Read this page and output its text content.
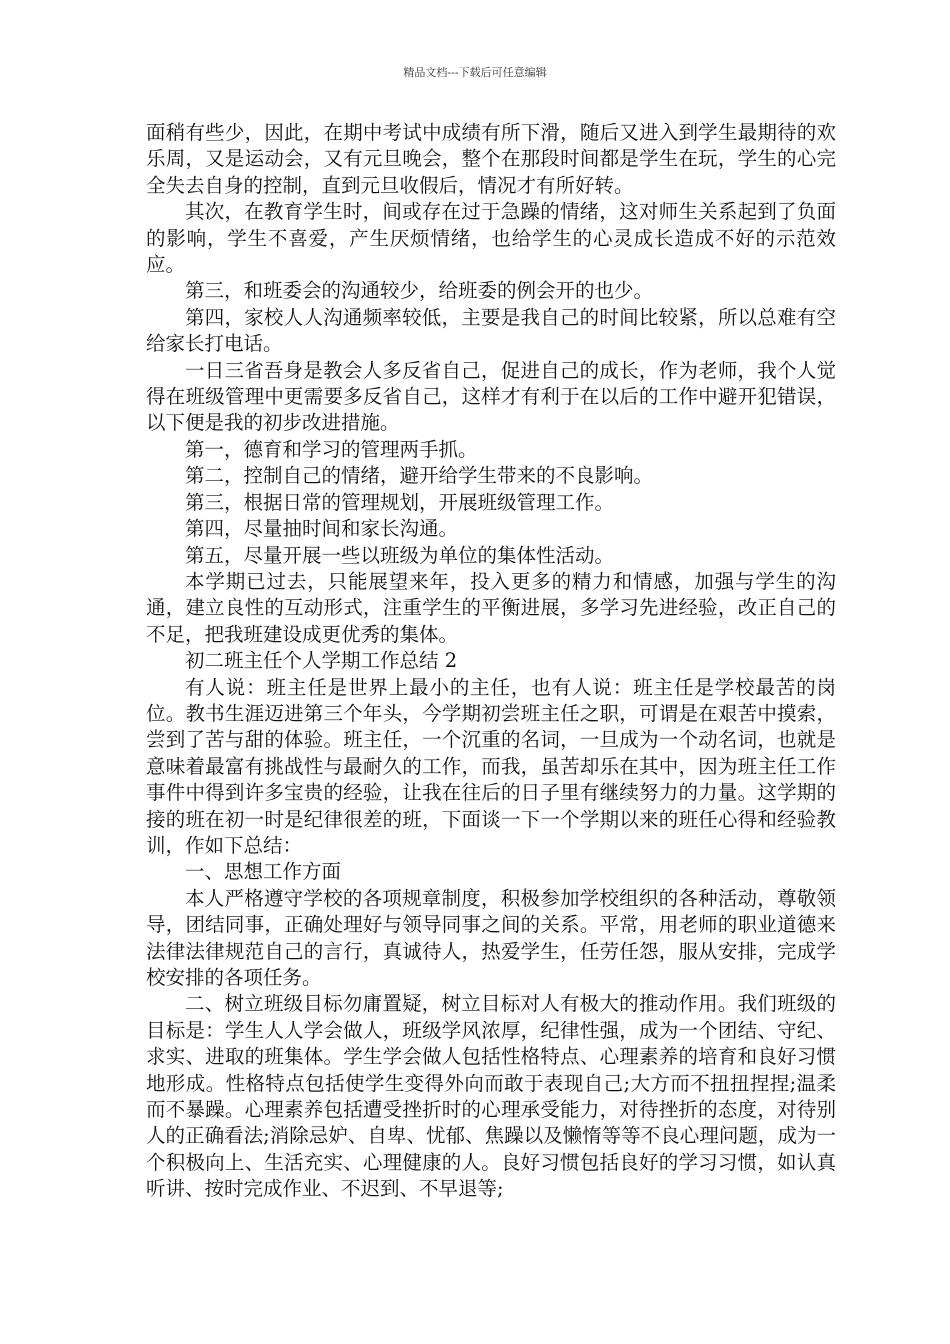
精品文档---下载后可任意编辑

面稍有些少，因此，在期中考试中成绩有所下滑，随后又进入到学生最期待的欢乐周，又是运动会，又有元旦晚会，整个在那段时间都是学生在玩，学生的心完全失去自身的控制，直到元旦收假后，情况才有所好转。

其次，在教育学生时，间或存在过于急躁的情绪，这对师生关系起到了负面的影响，学生不喜爱，产生厌烦情绪，也给学生的心灵成长造成不好的示范效应。

第三，和班委会的沟通较少，给班委的例会开的也少。

第四，家校人人沟通频率较低，主要是我自己的时间比较紧，所以总难有空给家长打电话。

一日三省吾身是教会人多反省自己，促进自己的成长，作为老师，我个人觉得在班级管理中更需要多反省自己，这样才有利于在以后的工作中避开犯错误，以下便是我的初步改进措施。

第一，德育和学习的管理两手抓。

第二，控制自己的情绪，避开给学生带来的不良影响。

第三，根据日常的管理规划，开展班级管理工作。

第四，尽量抽时间和家长沟通。

第五，尽量开展一些以班级为单位的集体性活动。

本学期已过去，只能展望来年，投入更多的精力和情感，加强与学生的沟通，建立良性的互动形式，注重学生的平衡进展，多学习先进经验，改正自己的不足，把我班建设成更优秀的集体。

初二班主任个人学期工作总结 2

有人说：班主任是世界上最小的主任，也有人说：班主任是学校最苦的岗位。教书生涯迈进第三个年头，今学期初尝班主任之职，可谓是在艰苦中摸索，尝到了苦与甜的体验。班主任，一个沉重的名词，一旦成为一个动名词，也就是意味着最富有挑战性与最耐久的工作，而我，虽苦却乐在其中，因为班主任工作事件中得到许多宝贵的经验，让我在往后的日子里有继续努力的力量。这学期的接的班在初一时是纪律很差的班，下面谈一下一个学期以来的班任心得和经验教训，作如下总结：

一、思想工作方面

本人严格遵守学校的各项规章制度，积极参加学校组织的各种活动，尊敬领导，团结同事，正确处理好与领导同事之间的关系。平常，用老师的职业道德来法律法律规范自己的言行，真诚待人，热爱学生，任劳任怨，服从安排，完成学校安排的各项任务。

二、树立班级目标勿庸置疑，树立目标对人有极大的推动作用。我们班级的目标是：学生人人学会做人，班级学风浓厚，纪律性强，成为一个团结、守纪、求实、进取的班集体。学生学会做人包括性格特点、心理素养的培育和良好习惯地形成。性格特点包括使学生变得外向而敢于表现自己;大方而不扭扭捏捏;温柔而不暴躁。心理素养包括遭受挫折时的心理承受能力，对待挫折的态度，对待别人的正确看法;消除忌妒、自卑、忧郁、焦躁以及懒惰等等不良心理问题，成为一个积极向上、生活充实、心理健康的人。良好习惯包括良好的学习习惯，如认真听讲、按时完成作业、不迟到、不早退等;
